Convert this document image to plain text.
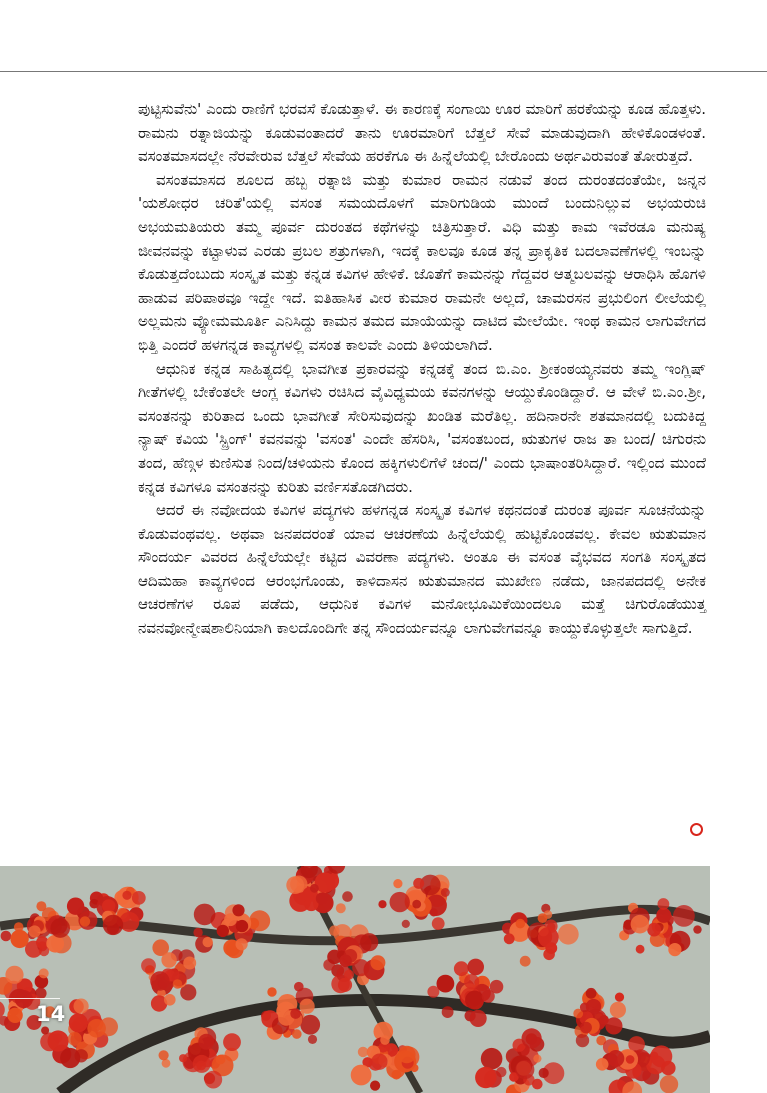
ಪುಟ್ಟಿಸುವೆನು' ಎಂದು ರಾಣಿಗೆ ಭರವಸೆ ಕೊಡುತ್ತಾಳೆ. ಈ ಕಾರಣಕ್ಕೆ ಸಂಗಾಯಿ ಊರ ಮಾರಿಗೆ ಹರಕೆಯನ್ನು ಕೂಡ ಹೊತ್ತಳು. ರಾಮನು ರತ್ನಾಜಿಯನ್ನು ಕೂಡುವಂತಾದರೆ ತಾನು ಊರಮಾರಿಗೆ ಬೆತ್ತಲೆ ಸೇವೆ ಮಾಡುವುದಾಗಿ ಹೇಳಿಕೊಂಡಳಂತೆ. ವಸಂತಮಾಸದಲ್ಲೇ ನೆರವೇರುವ ಬೆತ್ತಲೆ ಸೇವೆಯ ಹರಕೆಗೂ ಈ ಹಿನ್ನೆಲೆಯಲ್ಲಿ ಬೇರೊಂದು ಅರ್ಥವಿರುವಂತೆ ತೋರುತ್ತದೆ.

ವಸಂತಮಾಸದ ಶೂಲದ ಹಬ್ಬ ರತ್ನಾಜಿ ಮತ್ತು ಕುಮಾರ ರಾಮನ ನಡುವೆ ತಂದ ದುರಂತದಂತೆಯೇ, ಜನ್ನನ 'ಯಶೋಧರ ಚರಿತೆ'ಯಲ್ಲಿ ವಸಂತ ಸಮಯದೊಳಗೆ ಮಾರಿಗುಡಿಯ ಮುಂದೆ ಬಂದುನಿಲ್ಲುವ ಅಭಯರುಚಿ ಅಭಯಮತಿಯರು ತಮ್ಮ ಪೂರ್ವ ದುರಂತದ ಕಥೆಗಳನ್ನು ಚಿತ್ರಿಸುತ್ತಾರೆ. ವಿಧಿ ಮತ್ತು ಕಾಮ ಇವೆರಡೂ ಮನುಷ್ಯ ಜೀವನವನ್ನು ಕಟ್ಟಾಳುವ ಎರಡು ಪ್ರಬಲ ಶತ್ರುಗಳಾಗಿ, ಇದಕ್ಕೆ ಕಾಲವೂ ಕೂಡ ತನ್ನ ಪ್ರಾಕೃತಿಕ ಬದಲಾವಣೆಗಳಲ್ಲಿ ಇಂಬನ್ನು ಕೊಡುತ್ತದೆಂಬುದು ಸಂಸ್ಕೃತ ಮತ್ತು ಕನ್ನಡ ಕವಿಗಳ ಹೇಳಿಕೆ. ಜೊತೆಗೆ ಕಾಮನನ್ನು ಗೆದ್ದವರ ಆತ್ಮಬಲವನ್ನು ಆರಾಧಿಸಿ ಹೊಗಳಿ ಹಾಡುವ ಪರಿಪಾಠವೂ ಇದ್ದೇ ಇದೆ. ಐತಿಹಾಸಿಕ ವೀರ ಕುಮಾರ ರಾಮನೇ ಅಲ್ಲದೆ, ಚಾಮರಸನ ಪ್ರಭುಲಿಂಗ ಲೀಲೆಯಲ್ಲಿ ಅಲ್ಲಮನು ವ್ಯೋಮಮೂರ್ತಿ ಎನಿಸಿದ್ದು ಕಾಮನ ತಮದ ಮಾಯೆಯನ್ನು ದಾಟಿದ ಮೇಲೆಯೇ. ಇಂಥ ಕಾಮನ ಲಾಗುವೇಗದ ಭಿತ್ತಿ ಎಂದರೆ ಹಳಗನ್ನಡ ಕಾವ್ಯಗಳಲ್ಲಿ ವಸಂತ ಕಾಲವೇ ಎಂದು ತಿಳಿಯಲಾಗಿದೆ.

ಆಧುನಿಕ ಕನ್ನಡ ಸಾಹಿತ್ಯದಲ್ಲಿ ಭಾವಗೀತ ಪ್ರಕಾರವನ್ನು ಕನ್ನಡಕ್ಕೆ ತಂದ ಬಿ.ಎಂ. ಶ್ರೀಕಂಠಯ್ಯನವರು ತಮ್ಮ ಇಂಗ್ಲಿಷ್ ಗೀತೆಗಳಲ್ಲಿ ಬೇಕೆಂತಲೇ ಆಂಗ್ಲ ಕವಿಗಳು ರಚಿಸಿದ ವೈವಿಧ್ಯಮಯ ಕವನಗಳನ್ನು ಆಯ್ದುಕೊಂಡಿದ್ದಾರೆ. ಆ ವೇಳೆ ಬಿ.ಎಂ.ಶ್ರೀ, ವಸಂತನನ್ನು ಕುರಿತಾದ ಒಂದು ಭಾವಗೀತೆ ಸೇರಿಸುವುದನ್ನು ಖಂಡಿತ ಮರೆತಿಲ್ಲ. ಹದಿನಾರನೇ ಶತಮಾನದಲ್ಲಿ ಬದುಕಿದ್ದ ನ್ಯಾಷ್ ಕವಿಯ 'ಸ್ಪ್ರಿಂಗ್' ಕವನವನ್ನು 'ವಸಂತ' ಎಂದೇ ಹೆಸರಿಸಿ, 'ವಸಂತಬಂದ, ಋತುಗಳ ರಾಜ ತಾ ಬಂದ/ ಚಿಗುರನು ತಂದ, ಹೆಣ್ಗಳ ಕುಣಿಸುತ ನಿಂದ/ಚಳಿಯನು ಕೊಂದ ಹಕ್ಕಿಗಳುಲಿಗೆಳೆ ಚಂದ/' ಎಂದು ಭಾಷಾಂತರಿಸಿದ್ದಾರೆ. ಇಲ್ಲಿಂದ ಮುಂದೆ ಕನ್ನಡ ಕವಿಗಳೂ ವಸಂತನನ್ನು ಕುರಿತು ವರ್ಣಿಸತೊಡಗಿದರು.

ಆದರೆ ಈ ನವೋದಯ ಕವಿಗಳ ಪದ್ಯಗಳು ಹಳಗನ್ನಡ ಸಂಸ್ಕೃತ ಕವಿಗಳ ಕಥನದಂತೆ ದುರಂತ ಪೂರ್ವ ಸೂಚನೆಯನ್ನು ಕೊಡುವಂಥವಲ್ಲ. ಅಥವಾ ಜನಪದರಂತೆ ಯಾವ ಆಚರಣೆಯ ಹಿನ್ನೆಲೆಯಲ್ಲಿ ಹುಟ್ಟಿಕೊಂಡವಲ್ಲ. ಕೇವಲ ಋತುಮಾನ ಸೌಂದರ್ಯ ವಿವರದ ಹಿನ್ನೆಲೆಯಲ್ಲೇ ಕಟ್ಟಿದ ವಿವರಣಾ ಪದ್ಯಗಳು. ಅಂತೂ ಈ ವಸಂತ ವೈಭವದ ಸಂಗತಿ ಸಂಸ್ಕೃತದ ಆದಿಮಹಾ ಕಾವ್ಯಗಳಿಂದ ಆರಂಭಗೊಂಡು, ಕಾಳಿದಾಸನ ಋತುಮಾನದ ಮುಖೇಣ ನಡೆದು, ಜಾನಪದದಲ್ಲಿ ಅನೇಕ ಆಚರಣೆಗಳ ರೂಪ ಪಡೆದು, ಆಧುನಿಕ ಕವಿಗಳ ಮನೋಭೂಮಿಕೆಯಿಂದಲೂ ಮತ್ತೆ ಚಿಗುರೊಡೆಯುತ್ತ ನವನವೋನ್ಮೇಷಶಾಲಿನಿಯಾಗಿ ಕಾಲದೊಂದಿಗೇ ತನ್ನ ಸೌಂದರ್ಯವನ್ನೂ ಲಾಗುವೇಗವನ್ನೂ ಕಾಯ್ದುಕೊಳ್ಳುತ್ತಲೇ ಸಾಗುತ್ತಿದೆ.

14
